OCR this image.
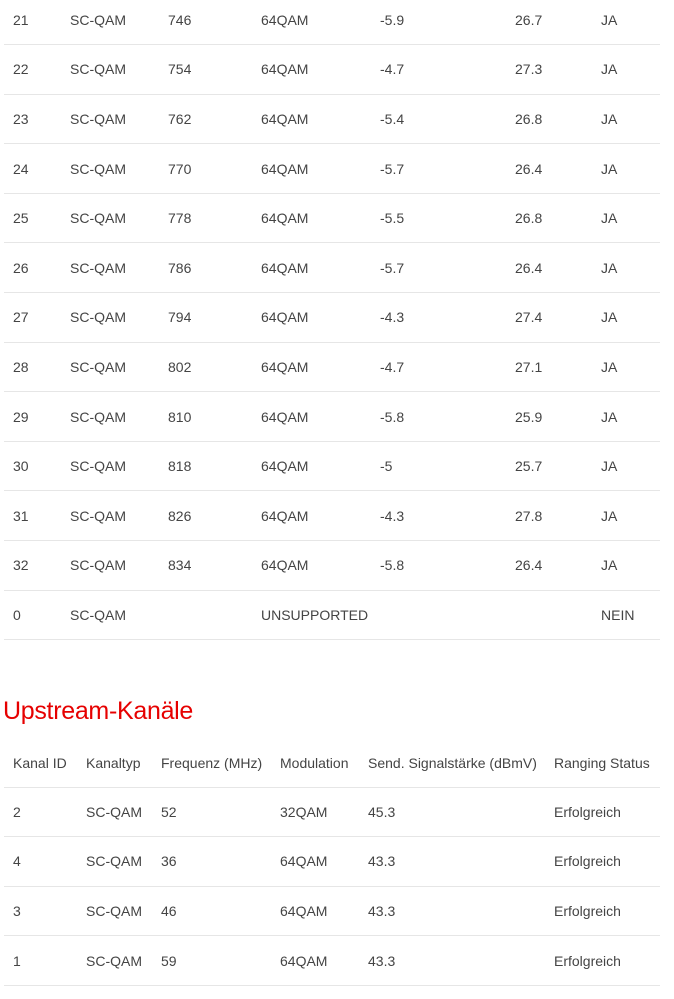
21	SC-QAM	746	64QAM	-5.9	26.7	JA
22	SC-QAM	754	64QAM	-4.7	27.3	JA
23	SC-QAM	762	64QAM	-5.4	26.8	JA
24	SC-QAM	770	64QAM	-5.7	26.4	JA
25	SC-QAM	778	64QAM	-5.5	26.8	JA
26	SC-QAM	786	64QAM	-5.7	26.4	JA
27	SC-QAM	794	64QAM	-4.3	27.4	JA
28	SC-QAM	802	64QAM	-4.7	27.1	JA
29	SC-QAM	810	64QAM	-5.8	25.9	JA
30	SC-QAM	818	64QAM	-5	25.7	JA
31	SC-QAM	826	64QAM	-4.3	27.8	JA
32	SC-QAM	834	64QAM	-5.8	26.4	JA
0	SC-QAM		UNSUPPORTED			NEIN
Upstream-Kanäle
Kanal ID	Kanaltyp	Frequenz (MHz)	Modulation	Send. Signalstärke (dBmV)	Ranging Status
2	SC-QAM	52	32QAM	45.3	Erfolgreich
4	SC-QAM	36	64QAM	43.3	Erfolgreich
3	SC-QAM	46	64QAM	43.3	Erfolgreich
1	SC-QAM	59	64QAM	43.3	Erfolgreich
